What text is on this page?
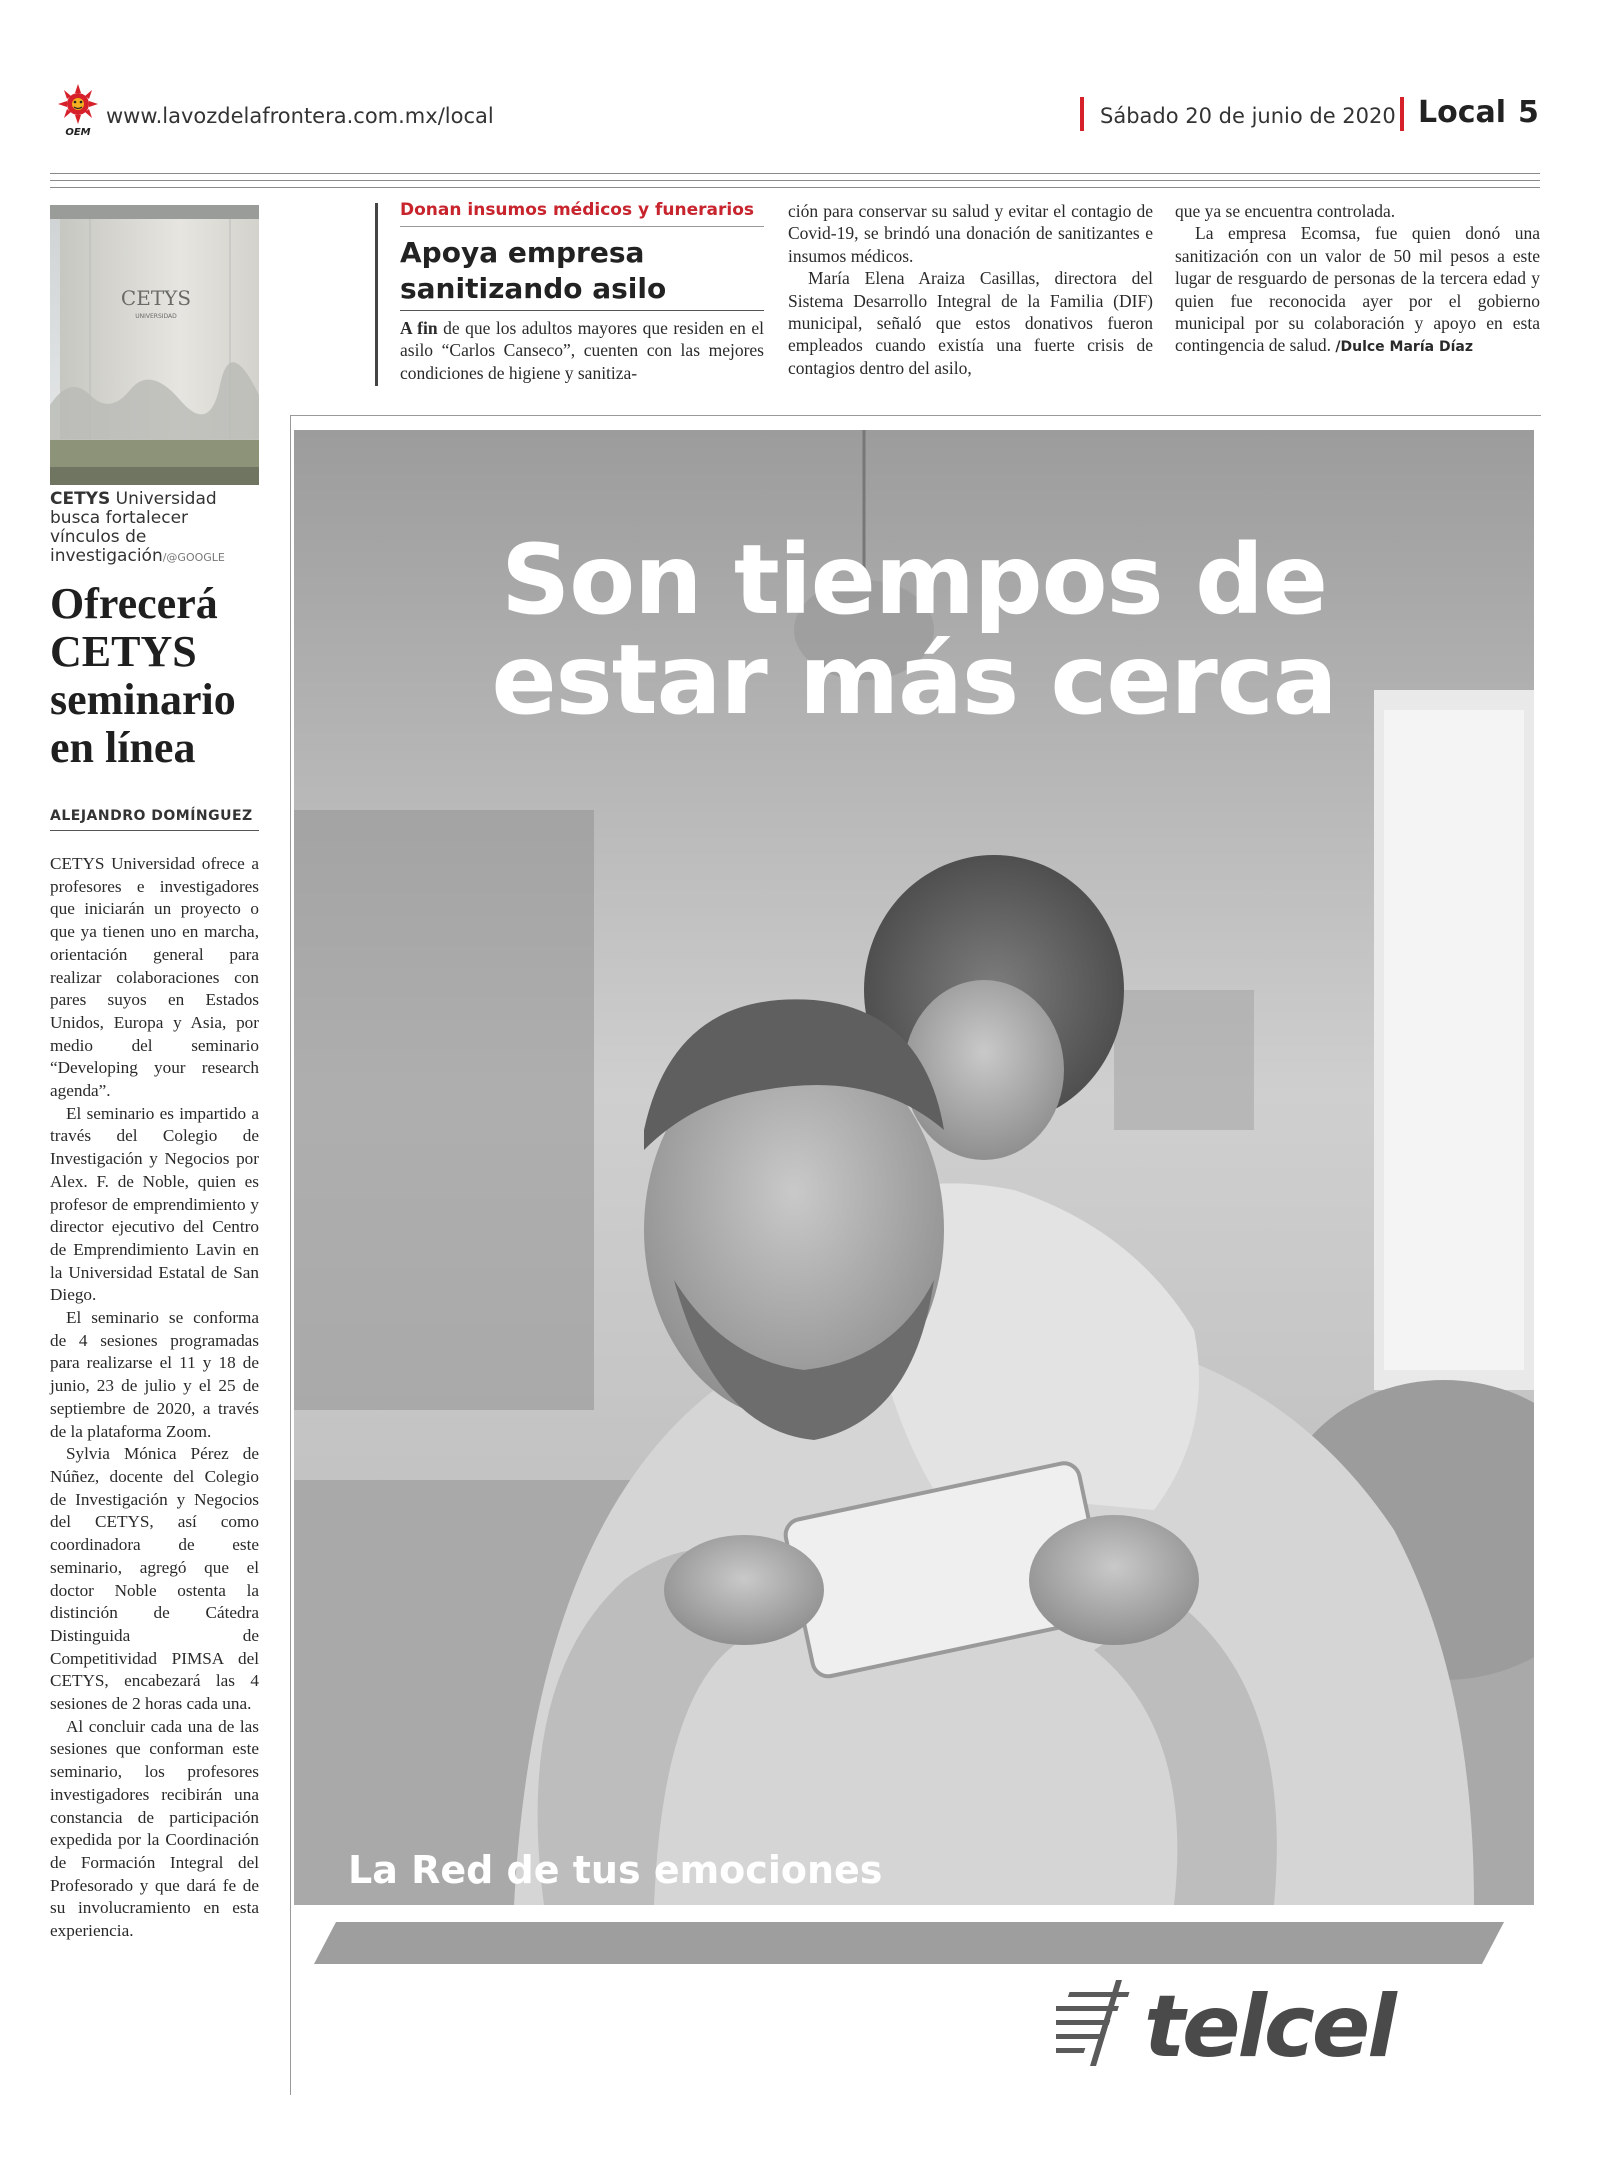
OEM
www.lavozdelafrontera.com.mx/local	Sábado 20 de junio de 2020 Local 5
CETYS
UNIVERSIDAD
CETYS Universidad busca fortalecer vínculos de investigación/@GOOGLE
Ofrecerá CETYS seminario en línea
ALEJANDRO DOMÍNGUEZ

CETYS Universidad ofrece a profesores e investigadores que iniciarán un proyecto o que ya tienen uno en marcha, orientación general para realizar colaboraciones con pares suyos en Estados Unidos, Europa y Asia, por medio del seminario “Developing your research agenda”.

El seminario es impartido a través del Colegio de Investigación y Negocios por Alex. F. de Noble, quien es profesor de emprendimiento y director ejecutivo del Centro de Emprendimiento Lavin en la Universidad Estatal de San Diego.

El seminario se conforma de 4 sesiones programadas para realizarse el 11 y 18 de junio, 23 de julio y el 25 de septiembre de 2020, a través de la plataforma Zoom.

Sylvia Mónica Pérez de Núñez, docente del Colegio de Investigación y Negocios del CETYS, así como coordinadora de este seminario, agregó que el doctor Noble ostenta la distinción de Cátedra Distinguida de Competitividad PIMSA del CETYS, encabezará las 4 sesiones de 2 horas cada una.

Al concluir cada una de las sesiones que conforman este seminario, los profesores investigadores recibirán una constancia de participación expedida por la Coordinación de Formación Integral del Profesorado y que dará fe de su involucramiento en esta experiencia.

Donan insumos médicos y funerarios
Apoya empresa sanitizando asilo

A fin de que los adultos mayores que residen en el asilo “Carlos Canseco”, cuenten con las mejores condiciones de higiene y sanitiza-

ción para conservar su salud y evitar el contagio de Covid-19, se brindó una donación de sanitizantes e insumos médicos.

María Elena Araiza Casillas, directora del Sistema Desarrollo Integral de la Familia (DIF) municipal, señaló que estos donativos fueron empleados cuando existía una fuerte crisis de contagios dentro del asilo,

que ya se encuentra controlada.

La empresa Ecomsa, fue quien donó una sanitización con un valor de 50 mil pesos a este lugar de resguardo de personas de la tercera edad y quien fue reconocida ayer por el gobierno municipal por su colaboración y apoyo en esta contingencia de salud. /Dulce María Díaz

Son tiempos de
estar más cerca
La Red de tus emociones
telcel
